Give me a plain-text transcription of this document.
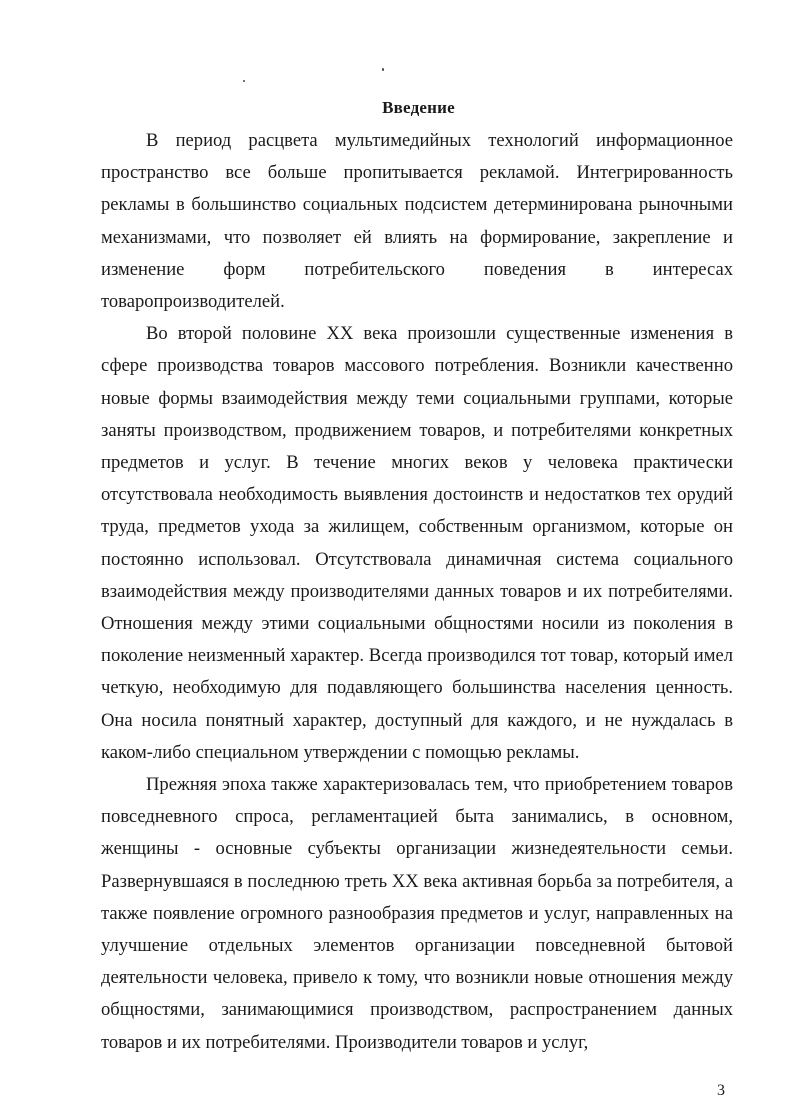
Введение

В период расцвета мультимедийных технологий информационное пространство все больше пропитывается рекламой. Интегрированность рекламы в большинство социальных подсистем детерминирована рыночными механизмами, что позволяет ей влиять на формирование, закрепление и изменение форм потребительского поведения в интересах товаропроизводителей.

Во второй половине XX века произошли существенные изменения в сфере производства товаров массового потребления. Возникли качественно новые формы взаимодействия между теми социальными группами, которые заняты производством, продвижением товаров, и потребителями конкретных предметов и услуг. В течение многих веков у человека практически отсутствовала необходимость выявления достоинств и недостатков тех орудий труда, предметов ухода за жилищем, собственным организмом, которые он постоянно использовал. Отсутствовала динамичная система социального взаимодействия между производителями данных товаров и их потребителями. Отношения между этими социальными общностями носили из поколения в поколение неизменный характер. Всегда производился тот товар, который имел четкую, необходимую для подавляющего большинства населения ценность. Она носила понятный характер, доступный для каждого, и не нуждалась в каком-либо специальном утверждении с помощью рекламы.

Прежняя эпоха также характеризовалась тем, что приобретением товаров повседневного спроса, регламентацией быта занимались, в основном, женщины - основные субъекты организации жизнедеятельности семьи. Развернувшаяся в последнюю треть XX века активная борьба за потребителя, а также появление огромного разнообразия предметов и услуг, направленных на улучшение отдельных элементов организации повседневной бытовой деятельности человека, привело к тому, что возникли новые отношения между общностями, занимающимися производством, распространением данных товаров и их потребителями. Производители товаров и услуг,

3
